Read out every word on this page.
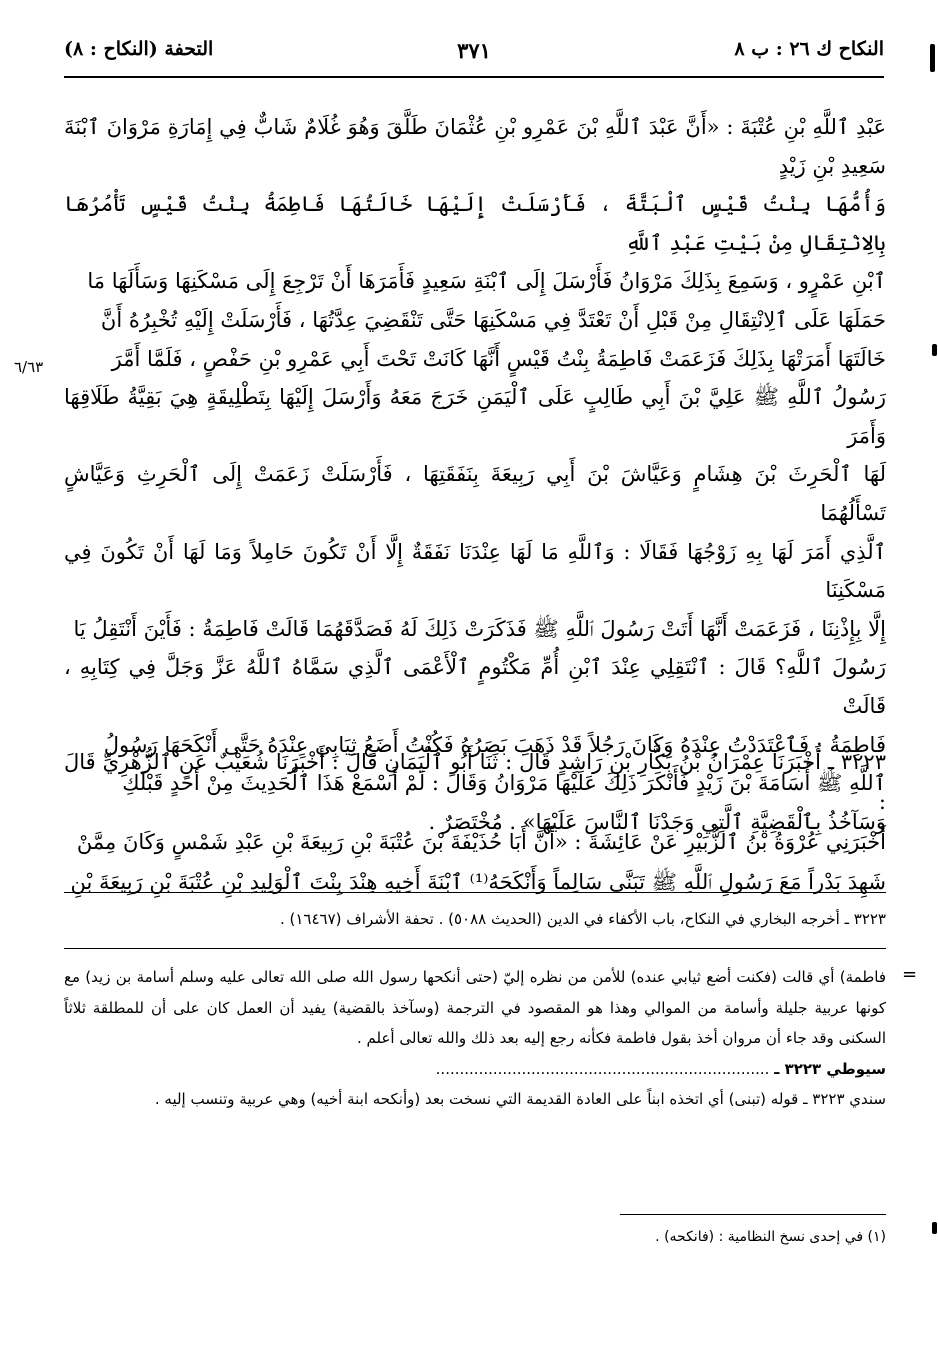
النكاح ك ٢٦ : ب ٨
٣٧١
التحفة (النكاح : ٨)
٦/٦٣

عَبْدِ ٱللَّهِ بْنِ عُتْبَةَ : «أَنَّ عَبْدَ ٱللَّهِ بْنَ عَمْرِو بْنِ عُثْمَانَ طَلَّقَ وَهُوَ غُلَامٌ شَابٌّ فِي إِمَارَةِ مَرْوَانَ ٱبْنَةَ سَعِيدِ بْنِ زَيْدٍ

وَأُمُّهَا بِنْتُ قَيْسٍ ٱلْبَتَّةَ ، فَأَرْسَلَتْ إِلَيْهَا خَالَتُهَا فَاطِمَةُ بِنْتُ قَيْسٍ تَأْمُرُهَا بِالِانْتِقَالِ مِنْ بَيْتِ عَبْدِ ٱللَّهِ

ٱبْنِ عَمْرٍو ، وَسَمِعَ بِذَلِكَ مَرْوَانُ فَأَرْسَلَ إِلَى ٱبْنَةِ سَعِيدٍ فَأَمَرَهَا أَنْ تَرْجِعَ إِلَى مَسْكَنِهَا وَسَأَلَهَا مَا

حَمَلَهَا عَلَى ٱلِانْتِقَالِ مِنْ قَبْلِ أَنْ تَعْتَدَّ فِي مَسْكَنِهَا حَتَّى تَنْقَضِيَ عِدَّتُهَا ، فَأَرْسَلَتْ إِلَيْهِ تُخْبِرُهُ أَنَّ

خَالَتَهَا أَمَرَتْهَا بِذَلِكَ فَزَعَمَتْ فَاطِمَةُ بِنْتُ قَيْسٍ أَنَّهَا كَانَتْ تَحْتَ أَبِي عَمْرِو بْنِ حَفْصٍ ، فَلَمَّا أَمَّرَ

رَسُولُ ٱللَّهِ ﷺ عَلِيَّ بْنَ أَبِي طَالِبٍ عَلَى ٱلْيَمَنِ خَرَجَ مَعَهُ وَأَرْسَلَ إِلَيْهَا بِتَطْلِيقَةٍ هِيَ بَقِيَّةُ طَلَاقِهَا وَأَمَرَ

لَهَا ٱلْحَرِثَ بْنَ هِشَامٍ وَعَيَّاشَ بْنَ أَبِي رَبِيعَةَ بِنَفَقَتِهَا ، فَأَرْسَلَتْ زَعَمَتْ إِلَى ٱلْحَرِثِ وَعَيَّاشٍ تَسْأَلُهُمَا

ٱلَّذِي أَمَرَ لَهَا بِهِ زَوْجُهَا فَقَالَا : وَٱللَّهِ مَا لَهَا عِنْدَنَا نَفَقَةٌ إِلَّا أَنْ تَكُونَ حَامِلاً وَمَا لَهَا أَنْ تَكُونَ فِي مَسْكَنِنَا

إِلَّا بِإِذْنِنَا ، فَزَعَمَتْ أَنَّهَا أَتَتْ رَسُولَ ٱللَّهِ ﷺ فَذَكَرَتْ ذَلِكَ لَهُ فَصَدَّقَهُمَا قَالَتْ فَاطِمَةُ : فَأَيْنَ أَنْتَقِلُ يَا

رَسُولَ ٱللَّهِ؟ قَالَ : ٱنْتَقِلِي عِنْدَ ٱبْنِ أُمِّ مَكْتُومٍ ٱلْأَعْمَى ٱلَّذِي سَمَّاهُ ٱللَّهُ عَزَّ وَجَلَّ فِي كِتَابِهِ ، قَالَتْ

فَاطِمَةُ : فَٱعْتَدَدْتُ عِنْدَهُ وَكَانَ رَجُلاً قَدْ ذَهَبَ بَصَرُهُ فَكُنْتُ أَضَعُ ثِيَابِي عِنْدَهُ حَتَّى أَنْكَحَهَا رَسُولُ

ٱللَّهِ ﷺ أُسَامَةَ بْنَ زَيْدٍ فَأَنْكَرَ ذَلِكَ عَلَيْهَا مَرْوَانُ وَقَالَ : لَمْ أَسْمَعْ هَذَا ٱلْحَدِيثَ مِنْ أَحَدٍ قَبْلَكِ

وَسَآخُذُ بِٱلْقَضِيَّةِ ٱلَّتِي وَجَدْنَا ٱلنَّاسَ عَلَيْهَا» . مُخْتَصَرٌ .

٣٢٢٣ ـ أَخْبَرَنَا عِمْرَانُ بْنُ بَكَّارِ بْنِ رَاشِدٍ قَالَ : ثَنَا أَبُو ٱلْيَمَانِ قَالَ : أَخْبَرَنَا شُعَيْبٌ عَنِ ٱلزُّهْرِيِّ قَالَ :

أَخْبَرَنِي عُرْوَةُ بْنُ ٱلزُّبَيْرِ عَنْ عَائِشَةَ : «أَنَّ أَبَا حُذَيْفَةَ بْنَ عُتْبَةَ بْنِ رَبِيعَةَ بْنِ عَبْدِ شَمْسٍ وَكَانَ مِمَّنْ

شَهِدَ بَدْراً مَعَ رَسُولِ ٱللَّهِ ﷺ تَبَنَّى سَالِماً وَأَنْكَحَهُ⁽¹⁾ ٱبْنَةَ أَخِيهِ هِنْدَ بِنْتَ ٱلْوَلِيدِ بْنِ عُتْبَةَ بْنِ رَبِيعَةَ بْنِ

٣٢٢٣ ـ أخرجه البخاري في النكاح، باب الأكفاء في الدين (الحديث ٥٠٨٨) . تحفة الأشراف (١٦٤٦٧) .
=

فاطمة) أي قالت (فكنت أضع ثيابي عنده) للأمن من نظره إليّ (حتى أنكحها رسول الله صلى الله تعالى عليه وسلم أسامة بن زيد) مع كونها عربية جليلة وأسامة من الموالي وهذا هو المقصود في الترجمة (وسآخذ بالقضية) يفيد أن العمل كان على أن للمطلقة ثلاثاً السكنى وقد جاء أن مروان أخذ بقول فاطمة فكأنه رجع إليه بعد ذلك والله تعالى أعلم .

سيوطي ٣٢٢٣ ـ ......................................................................

سندي ٣٢٢٣ ـ قوله (تبنى) أي اتخذه ابناً على العادة القديمة التي نسخت بعد (وأنكحه ابنة أخيه) وهي عربية وتنسب إليه .

(١) في إحدى نسخ النظامية : (فانكحه) .
